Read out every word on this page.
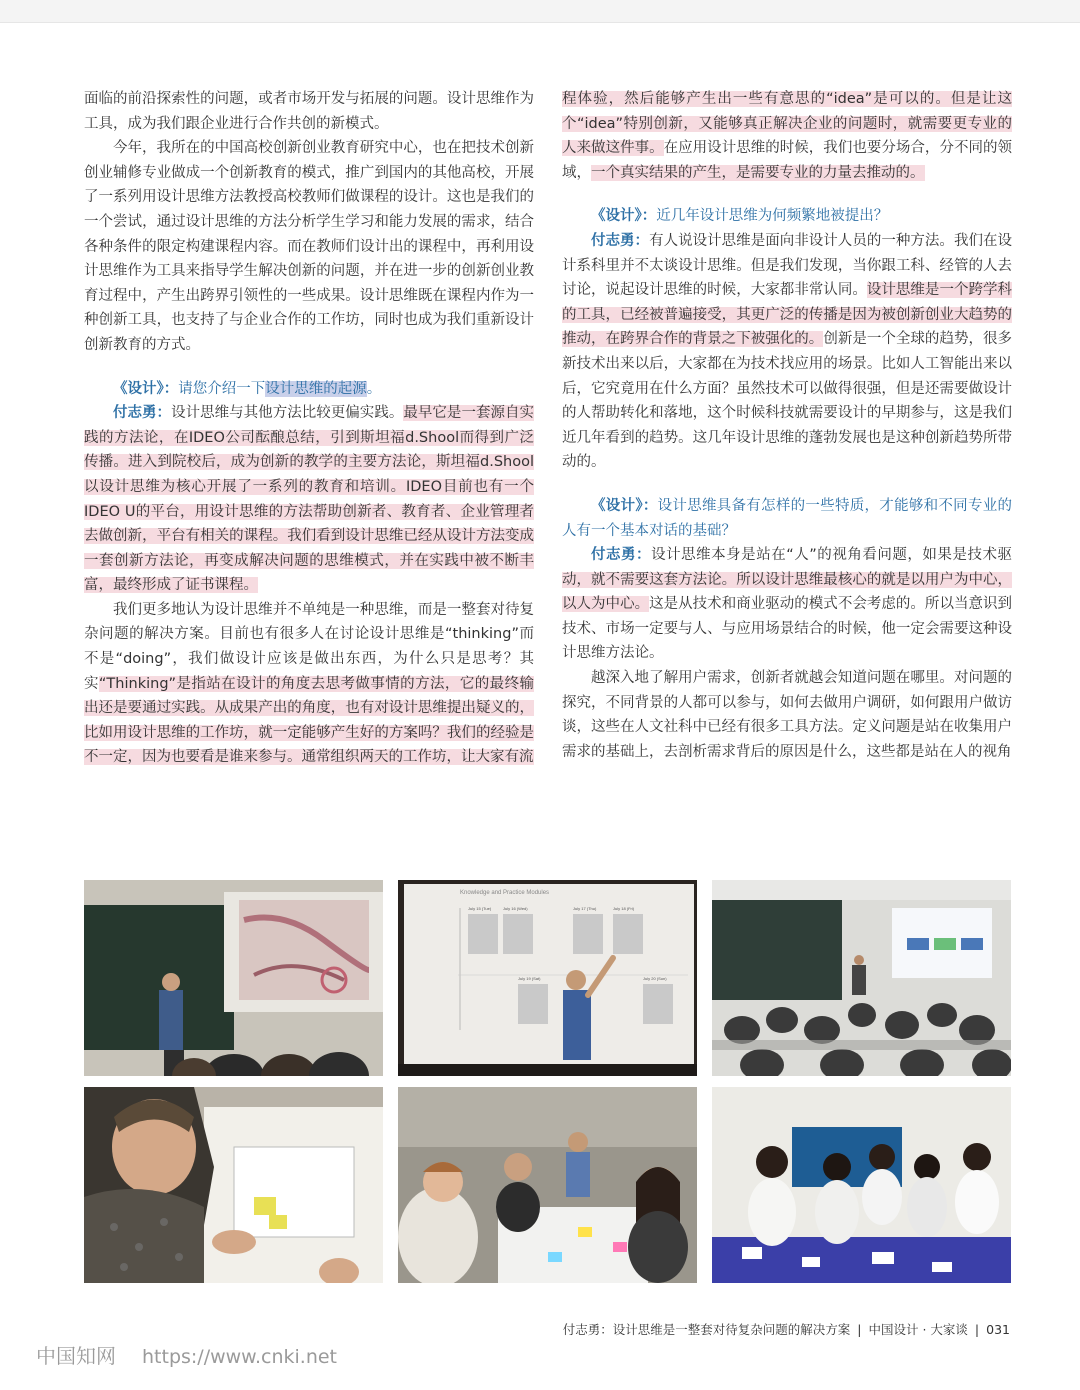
面临的前沿探索性的问题，或者市场开发与拓展的问题。设计思维作为工具，成为我们跟企业进行合作共创的新模式。

今年，我所在的中国高校创新创业教育研究中心，也在把技术创新创业辅修专业做成一个创新教育的模式，推广到国内的其他高校，开展了一系列用设计思维方法教授高校教师们做课程的设计。这也是我们的一个尝试，通过设计思维的方法分析学生学习和能力发展的需求，结合各种条件的限定构建课程内容。而在教师们设计出的课程中，再利用设计思维作为工具来指导学生解决创新的问题，并在进一步的创新创业教育过程中，产生出跨界引领性的一些成果。设计思维既在课程内作为一种创新工具，也支持了与企业合作的工作坊，同时也成为我们重新设计创新教育的方式。

《设计》：请您介绍一下设计思维的起源。

付志勇：设计思维与其他方法比较更偏实践。最早它是一套源自实践的方法论，在IDEO公司酝酿总结，引到斯坦福d.Shool而得到广泛传播。进入到院校后，成为创新的教学的主要方法论，斯坦福d.Shool以设计思维为核心开展了一系列的教育和培训。IDEO目前也有一个IDEO U的平台，用设计思维的方法帮助创新者、教育者、企业管理者去做创新，平台有相关的课程。我们看到设计思维已经从设计方法变成一套创新方法论，再变成解决问题的思维模式，并在实践中被不断丰富，最终形成了证书课程。

我们更多地认为设计思维并不单纯是一种思维，而是一整套对待复杂问题的解决方案。目前也有很多人在讨论设计思维是“thinking”而不是“doing”，我们做设计应该是做出东西，为什么只是思考？其实“Thinking”是指站在设计的角度去思考做事情的方法，它的最终输出还是要通过实践。从成果产出的角度，也有对设计思维提出疑义的，比如用设计思维的工作坊，就一定能够产生好的方案吗？我们的经验是不一定，因为也要看是谁来参与。通常组织两天的工作坊，让大家有流

程体验，然后能够产生出一些有意思的“idea”是可以的。但是让这个“idea”特别创新，又能够真正解决企业的问题时，就需要更专业的人来做这件事。在应用设计思维的时候，我们也要分场合，分不同的领域，一个真实结果的产生，是需要专业的力量去推动的。

《设计》：近几年设计思维为何频繁地被提出？

付志勇：有人说设计思维是面向非设计人员的一种方法。我们在设计系科里并不太谈设计思维。但是我们发现，当你跟工科、经管的人去讨论，说起设计思维的时候，大家都非常认同。设计思维是一个跨学科的工具，已经被普遍接受，其更广泛的传播是因为被创新创业大趋势的推动，在跨界合作的背景之下被强化的。创新是一个全球的趋势，很多新技术出来以后，大家都在为技术找应用的场景。比如人工智能出来以后，它究竟用在什么方面？虽然技术可以做得很强，但是还需要做设计的人帮助转化和落地，这个时候科技就需要设计的早期参与，这是我们近几年看到的趋势。这几年设计思维的蓬勃发展也是这种创新趋势所带动的。

《设计》：设计思维具备有怎样的一些特质，才能够和不同专业的人有一个基本对话的基础？

付志勇：设计思维本身是站在“人”的视角看问题，如果是技术驱动，就不需要这套方法论。所以设计思维最核心的就是以用户为中心，以人为中心。这是从技术和商业驱动的模式不会考虑的。所以当意识到技术、市场一定要与人、与应用场景结合的时候，他一定会需要这种设计思维方法论。

越深入地了解用户需求，创新者就越会知道问题在哪里。对问题的探究，不同背景的人都可以参与，如何去做用户调研，如何跟用户做访谈，这些在人文社科中已经有很多工具方法。定义问题是站在收集用户需求的基础上，去剖析需求背后的原因是什么，这些都是站在人的视角

Knowledge and Practice Modules
July 15 (Tue)	July 16 (Wed)	July 17 (Thu)	July 18 (Fri)
July 19 (Sat)	July 20 (Sun)
付志勇：设计思维是一整套对待复杂问题的解决方案 | 中国设计 · 大家谈 | 031
中国知网 https://www.cnki.net
